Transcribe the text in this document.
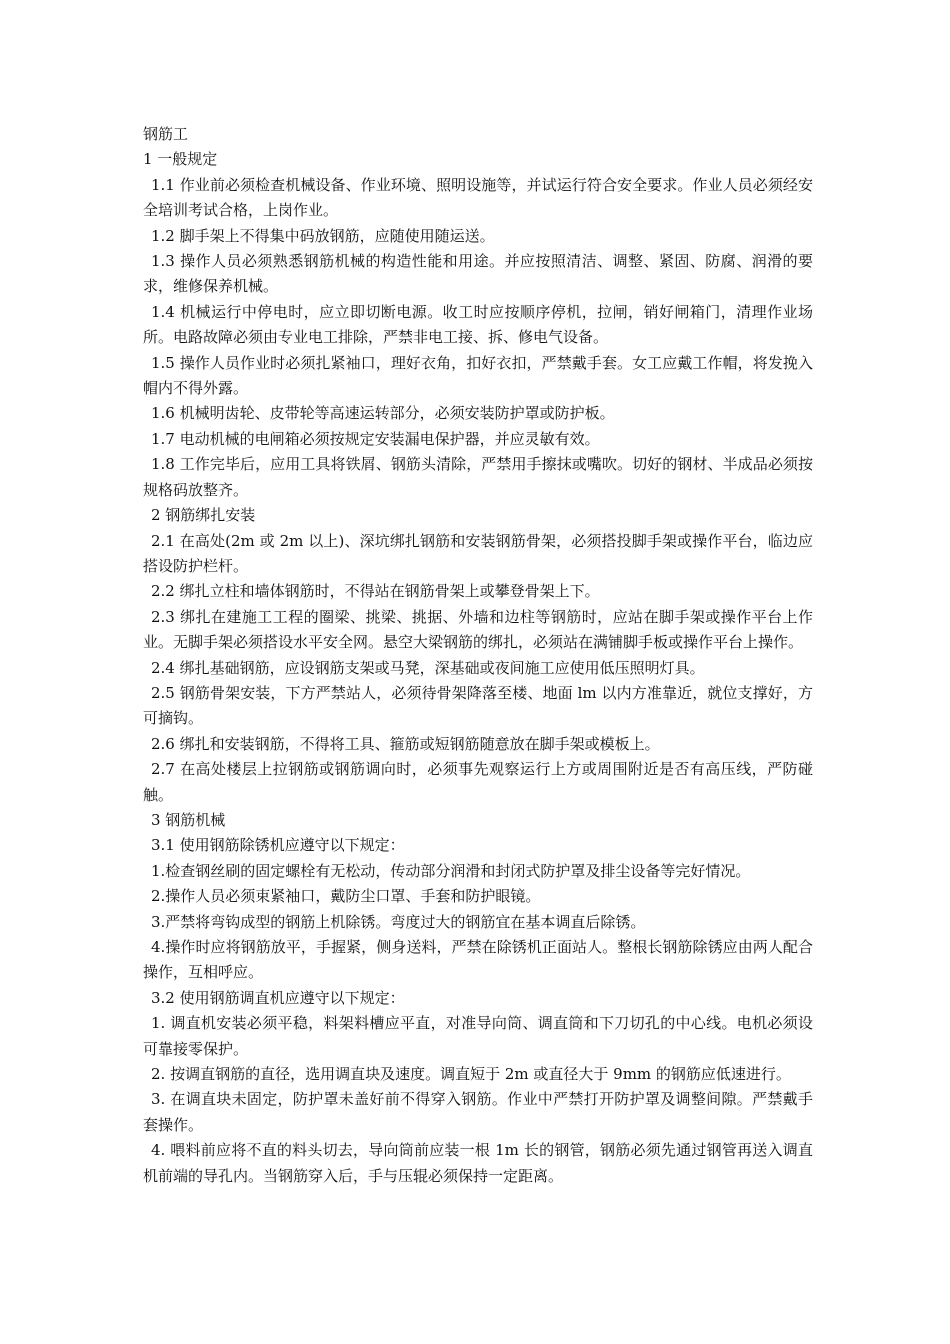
钢筋工

1 一般规定

1.1 作业前必须检查机械设备、作业环境、照明设施等，并试运行符合安全要求。作业人员必须经安全培训考试合格，上岗作业。

1.2 脚手架上不得集中码放钢筋，应随使用随运送。

1.3 操作人员必须熟悉钢筋机械的构造性能和用途。并应按照清洁、调整、紧固、防腐、润滑的要求，维修保养机械。

1.4 机械运行中停电时，应立即切断电源。收工时应按顺序停机，拉闸，销好闸箱门，清理作业场所。电路故障必须由专业电工排除，严禁非电工接、拆、修电气设备。

1.5 操作人员作业时必须扎紧袖口，理好衣角，扣好衣扣，严禁戴手套。女工应戴工作帽，将发挽入帽内不得外露。

1.6 机械明齿轮、皮带轮等高速运转部分，必须安装防护罩或防护板。

1.7 电动机械的电闸箱必须按规定安装漏电保护器，并应灵敏有效。

1.8 工作完毕后，应用工具将铁屑、钢筋头清除，严禁用手擦抹或嘴吹。切好的钢材、半成品必须按规格码放整齐。

2 钢筋绑扎安装

2.1 在高处(2m 或 2m 以上)、深坑绑扎钢筋和安装钢筋骨架，必须搭投脚手架或操作平台，临边应搭设防护栏杆。

2.2 绑扎立柱和墙体钢筋时，不得站在钢筋骨架上或攀登骨架上下。

2.3 绑扎在建施工工程的圈梁、挑梁、挑据、外墙和边柱等钢筋时，应站在脚手架或操作平台上作业。无脚手架必须搭设水平安全网。悬空大梁钢筋的绑扎，必须站在满铺脚手板或操作平台上操作。

2.4 绑扎基础钢筋，应设钢筋支架或马凳，深基础或夜间施工应使用低压照明灯具。

2.5 钢筋骨架安装，下方严禁站人，必须待骨架降落至楼、地面 lm 以内方准靠近，就位支撑好，方可摘钩。

2.6 绑扎和安装钢筋，不得将工具、箍筋或短钢筋随意放在脚手架或模板上。

2.7 在高处楼层上拉钢筋或钢筋调向时，必须事先观察运行上方或周围附近是否有高压线，严防碰触。

3 钢筋机械

3.1 使用钢筋除锈机应遵守以下规定：

1.检查钢丝刷的固定螺栓有无松动，传动部分润滑和封闭式防护罩及排尘设备等完好情况。

2.操作人员必须束紧袖口，戴防尘口罩、手套和防护眼镜。

3.严禁将弯钩成型的钢筋上机除锈。弯度过大的钢筋宜在基本调直后除锈。

4.操作时应将钢筋放平，手握紧，侧身送料，严禁在除锈机正面站人。整根长钢筋除锈应由两人配合操作，互相呼应。

3.2 使用钢筋调直机应遵守以下规定：

1. 调直机安装必须平稳，料架料槽应平直，对准导向筒、调直筒和下刀切孔的中心线。电机必须设可靠接零保护。

2. 按调直钢筋的直径，选用调直块及速度。调直短于 2m 或直径大于 9mm 的钢筋应低速进行。

3. 在调直块未固定，防护罩未盖好前不得穿入钢筋。作业中严禁打开防护罩及调整间隙。严禁戴手套操作。

4. 喂料前应将不直的料头切去，导向筒前应装一根 1m 长的钢管，钢筋必须先通过钢管再送入调直机前端的导孔内。当钢筋穿入后，手与压辊必须保持一定距离。
